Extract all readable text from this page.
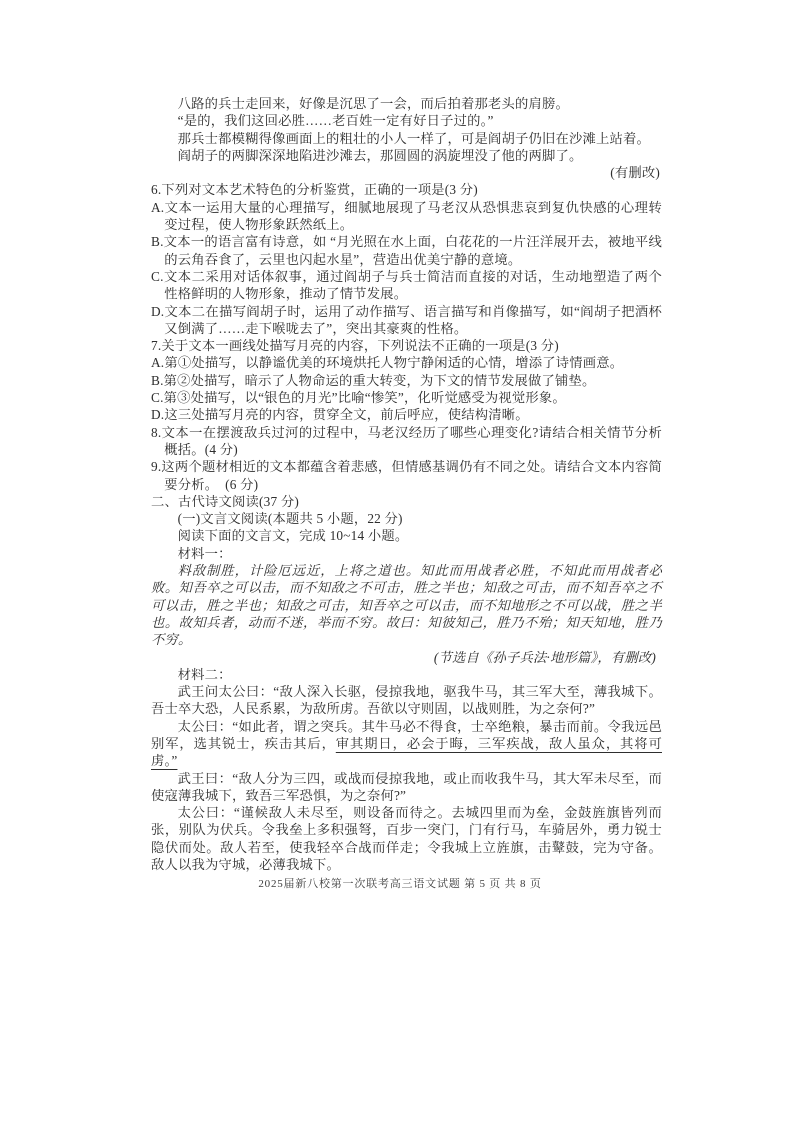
八路的兵士走回来，好像是沉思了一会，而后拍着那老头的肩膀。

“是的，我们这回必胜……老百姓一定有好日子过的。”

那兵士都模糊得像画面上的粗壮的小人一样了，可是阎胡子仍旧在沙滩上站着。

阎胡子的两脚深深地陷进沙滩去，那圆圆的涡旋埋没了他的两脚了。

(有删改)

6.下列对文本艺术特色的分析鉴赏，正确的一项是(3 分)

A.文本一运用大量的心理描写，细腻地展现了马老汉从恐惧悲哀到复仇快感的心理转变过程，使人物形象跃然纸上。

B.文本一的语言富有诗意，如 “月光照在水上面，白花花的一片汪洋展开去，被地平线的云角吞食了，云里也闪起水星”，营造出优美宁静的意境。

C.文本二采用对话体叙事，通过阎胡子与兵士简洁而直接的对话，生动地塑造了两个性格鲜明的人物形象，推动了情节发展。

D.文本二在描写阎胡子时，运用了动作描写、语言描写和肖像描写，如“阎胡子把酒杯又倒满了……走下喉咙去了”，突出其豪爽的性格。

7.关于文本一画线处描写月亮的内容，下列说法不正确的一项是(3 分)

A.第①处描写，以静谧优美的环境烘托人物宁静闲适的心情，增添了诗情画意。

B.第②处描写，暗示了人物命运的重大转变，为下文的情节发展做了铺垫。

C.第③处描写，以“银色的月光”比喻“惨笑”，化听觉感受为视觉形象。

D.这三处描写月亮的内容，贯穿全文，前后呼应，使结构清晰。

8.文本一在摆渡敌兵过河的过程中，马老汉经历了哪些心理变化?请结合相关情节分析概括。(4 分)

9.这两个题材相近的文本都蕴含着悲感，但情感基调仍有不同之处。请结合文本内容简要分析。　(6 分)

二、古代诗文阅读(37 分)

(一)文言文阅读(本题共 5 小题，22 分)

阅读下面的文言文，完成 10~14 小题。

材料一：

料敌制胜，计险厄远近，上将之道也。知此而用战者必胜，不知此而用战者必败。知吾卒之可以击，而不知敌之不可击，胜之半也；知敌之可击，而不知吾卒之不可以击，胜之半也；知敌之可击，知吾卒之可以击，而不知地形之不可以战，胜之半也。故知兵者，动而不迷，举而不穷。故曰：知彼知己，胜乃不殆；知天知地，胜乃不穷。

(节选自《孙子兵法·地形篇》，有删改)

材料二：

武王问太公曰：“敌人深入长驱，侵掠我地，驱我牛马，其三军大至，薄我城下。吾士卒大恐，人民系累，为敌所虏。吾欲以守则固，以战则胜，为之奈何?”

太公曰：“如此者，谓之突兵。其牛马必不得食，士卒绝粮，暴击而前。令我远邑别军，选其锐士，疾击其后，审其期日，必会于晦，三军疾战，敌人虽众，其将可虏。”

武王曰：“敌人分为三四，或战而侵掠我地，或止而收我牛马，其大军未尽至，而使寇薄我城下，致吾三军恐惧，为之奈何?”

太公曰：“谨候敌人未尽至，则设备而待之。去城四里而为垒，金鼓旌旗皆列而张，别队为伏兵。令我垒上多积强弩，百步一突门，门有行马，车骑居外，勇力锐士隐伏而处。敌人若至，使我轻卒合战而佯走；令我城上立旌旗，击鼙鼓，完为守备。敌人以我为守城，必薄我城下。

2025届新八校第一次联考高三语文试题 第 5 页 共 8 页
